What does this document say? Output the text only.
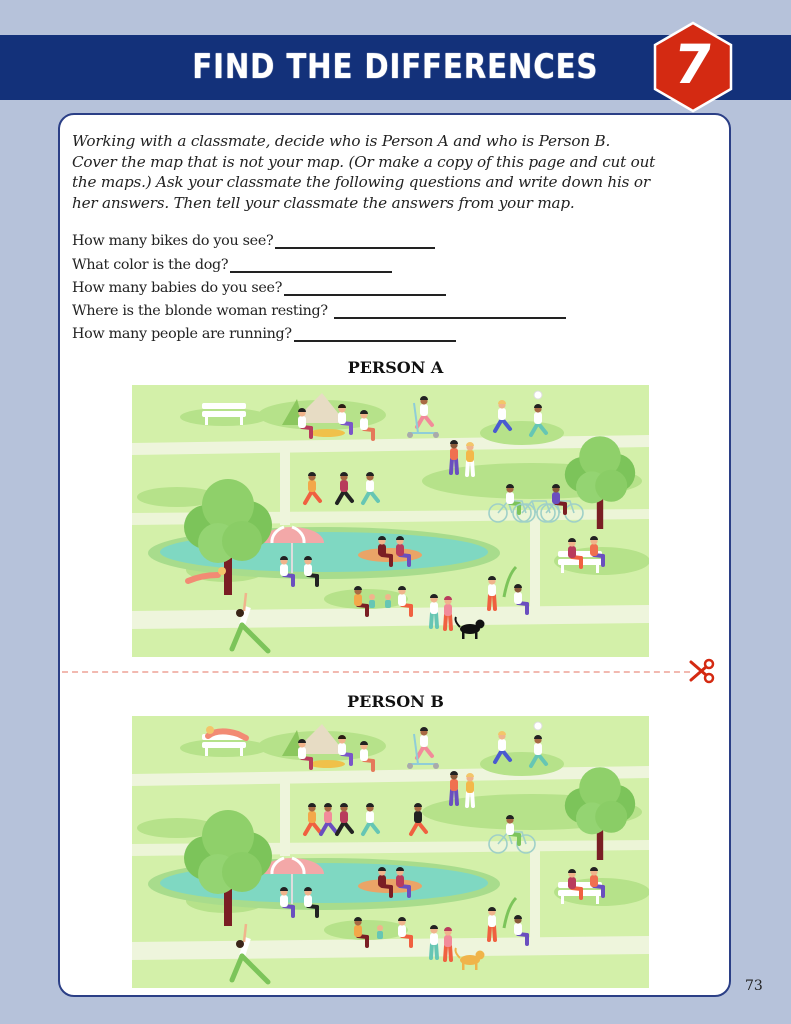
FIND THE DIFFERENCES	7
Working with a classmate, decide who is Person A and who is Person B.
Cover the map that is not your map. (Or make a copy of this page and cut out
the maps.) Ask your classmate the following questions and write down his or
her answers. Then tell your classmate the answers from your map.
How many bikes do you see?
What color is the dog?
How many babies do you see?
Where is the blonde woman resting?
How many people are running?
PERSON A
PERSON B
73
